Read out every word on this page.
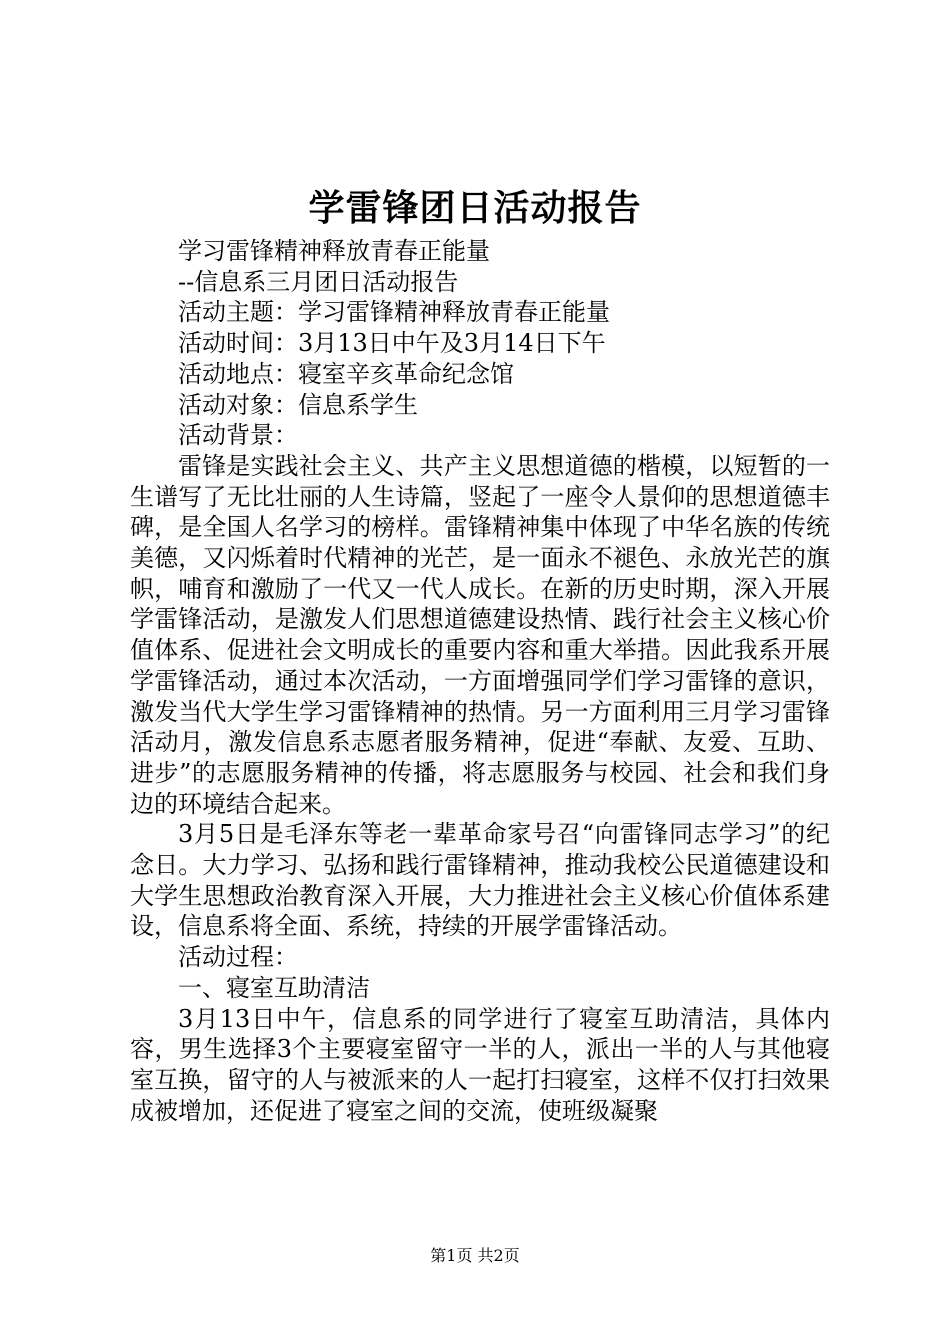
学雷锋团日活动报告

学习雷锋精神释放青春正能量

--信息系三月团日活动报告

活动主题：学习雷锋精神释放青春正能量

活动时间：3月13日中午及3月14日下午

活动地点：寝室辛亥革命纪念馆

活动对象：信息系学生

活动背景：

雷锋是实践社会主义、共产主义思想道德的楷模，以短暂的一生谱写了无比壮丽的人生诗篇，竖起了一座令人景仰的思想道德丰碑，是全国人名学习的榜样。雷锋精神集中体现了中华名族的传统美德，又闪烁着时代精神的光芒，是一面永不褪色、永放光芒的旗帜，哺育和激励了一代又一代人成长。在新的历史时期，深入开展学雷锋活动，是激发人们思想道德建设热情、践行社会主义核心价值体系、促进社会文明成长的重要内容和重大举措。因此我系开展学雷锋活动，通过本次活动，一方面增强同学们学习雷锋的意识，激发当代大学生学习雷锋精神的热情。另一方面利用三月学习雷锋活动月，激发信息系志愿者服务精神，促进“奉献、友爱、互助、进步”的志愿服务精神的传播，将志愿服务与校园、社会和我们身边的环境结合起来。

3月5日是毛泽东等老一辈革命家号召“向雷锋同志学习”的纪念日。大力学习、弘扬和践行雷锋精神，推动我校公民道德建设和大学生思想政治教育深入开展，大力推进社会主义核心价值体系建设，信息系将全面、系统，持续的开展学雷锋活动。

活动过程：

一、寝室互助清洁

3月13日中午，信息系的同学进行了寝室互助清洁，具体内容，男生选择3个主要寝室留守一半的人，派出一半的人与其他寝室互换，留守的人与被派来的人一起打扫寝室，这样不仅打扫效果成被增加，还促进了寝室之间的交流，使班级凝聚

第1页 共2页
